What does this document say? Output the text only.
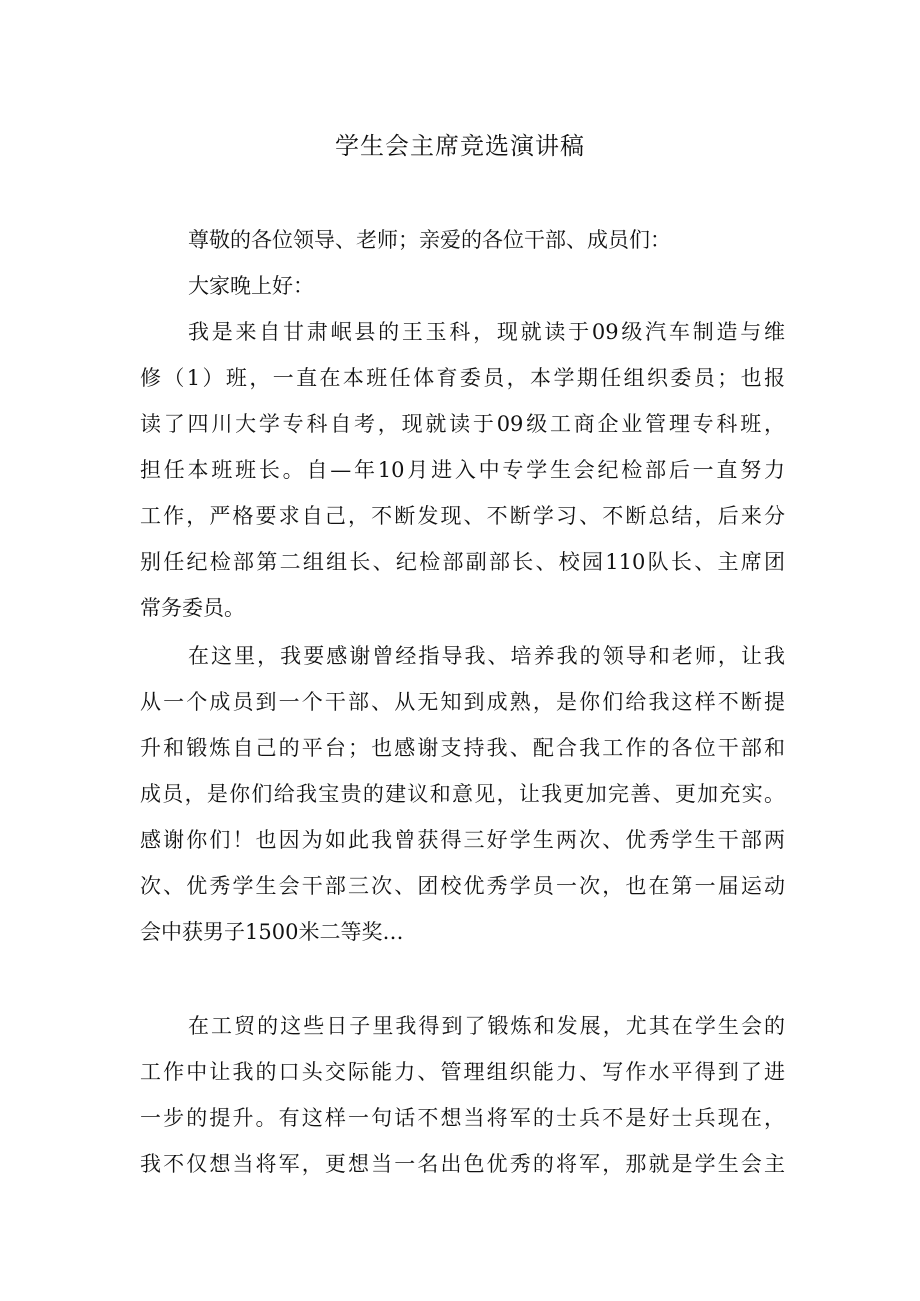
学生会主席竞选演讲稿
尊敬的各位领导、老师；亲爱的各位干部、成员们：
大家晚上好：
我是来自甘肃岷县的王玉科，现就读于09级汽车制造与维
修（1）班，一直在本班任体育委员，本学期任组织委员；也报
读了四川大学专科自考，现就读于09级工商企业管理专科班，
担任本班班长。自—年10月进入中专学生会纪检部后一直努力
工作，严格要求自己，不断发现、不断学习、不断总结，后来分
别任纪检部第二组组长、纪检部副部长、校园110队长、主席团
常务委员。
在这里，我要感谢曾经指导我、培养我的领导和老师，让我
从一个成员到一个干部、从无知到成熟，是你们给我这样不断提
升和锻炼自己的平台；也感谢支持我、配合我工作的各位干部和
成员，是你们给我宝贵的建议和意见，让我更加完善、更加充实。
感谢你们！也因为如此我曾获得三好学生两次、优秀学生干部两
次、优秀学生会干部三次、团校优秀学员一次，也在第一届运动
会中获男子1500米二等奖…
在工贸的这些日子里我得到了锻炼和发展，尤其在学生会的
工作中让我的口头交际能力、管理组织能力、写作水平得到了进
一步的提升。有这样一句话不想当将军的士兵不是好士兵现在，
我不仅想当将军，更想当一名出色优秀的将军，那就是学生会主
